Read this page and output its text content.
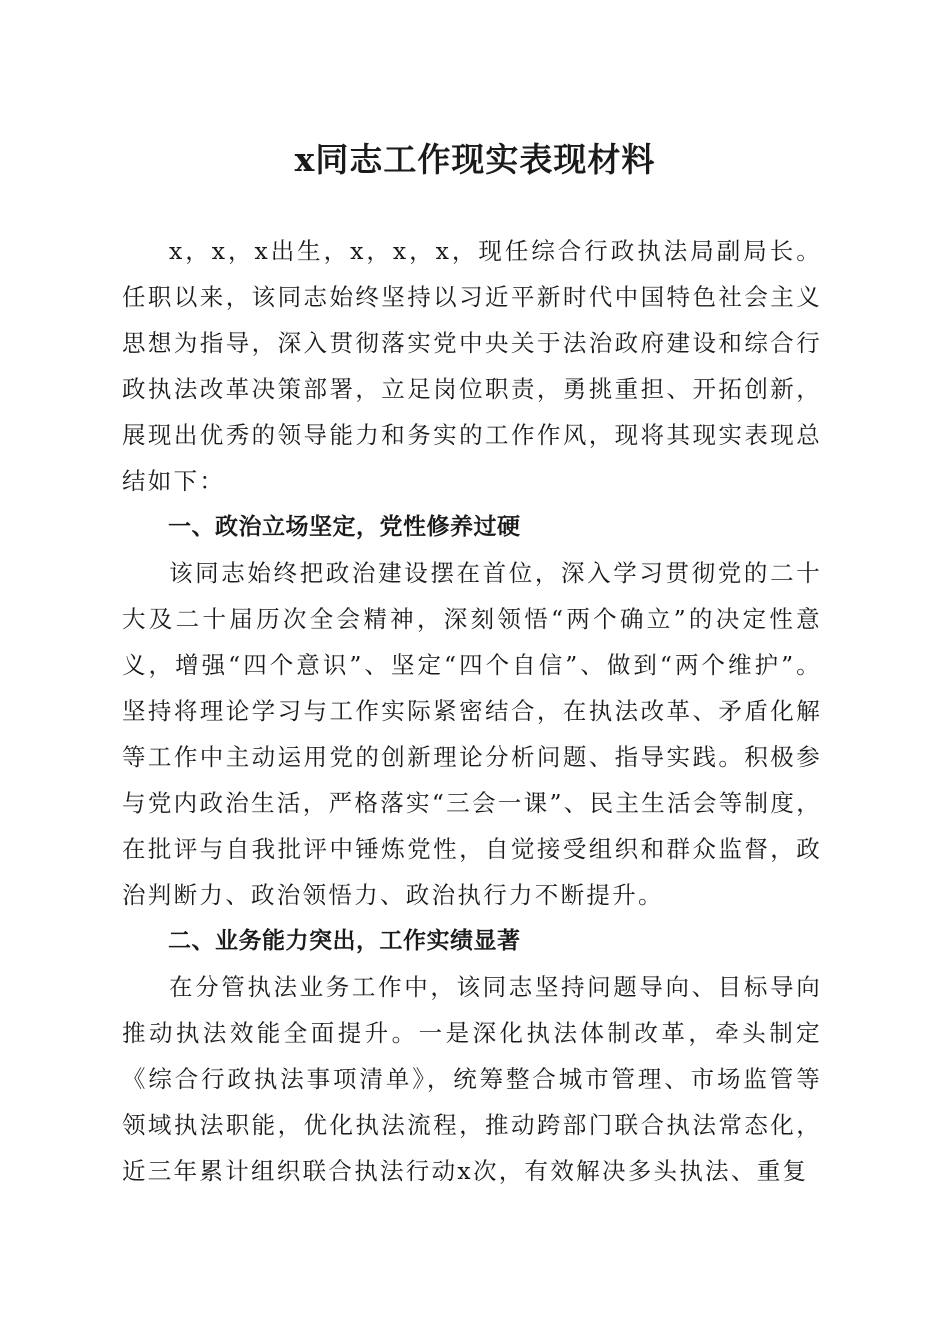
x同志工作现实表现材料

x，x，x出生，x，x，x，现任综合行政执法局副局长。任职以来，该同志始终坚持以习近平新时代中国特色社会主义思想为指导，深入贯彻落实党中央关于法治政府建设和综合行政执法改革决策部署，立足岗位职责，勇挑重担、开拓创新，展现出优秀的领导能力和务实的工作作风，现将其现实表现总结如下：

一、政治立场坚定，党性修养过硬

该同志始终把政治建设摆在首位，深入学习贯彻党的二十大及二十届历次全会精神，深刻领悟“两个确立”的决定性意义，增强“四个意识”、坚定“四个自信”、做到“两个维护”。坚持将理论学习与工作实际紧密结合，在执法改革、矛盾化解等工作中主动运用党的创新理论分析问题、指导实践。积极参与党内政治生活，严格落实“三会一课”、民主生活会等制度，在批评与自我批评中锤炼党性，自觉接受组织和群众监督，政治判断力、政治领悟力、政治执行力不断提升。

二、业务能力突出，工作实绩显著

在分管执法业务工作中，该同志坚持问题导向、目标导向推动执法效能全面提升。一是深化执法体制改革，牵头制定《综合行政执法事项清单》，统筹整合城市管理、市场监管等领域执法职能，优化执法流程，推动跨部门联合执法常态化，近三年累计组织联合执法行动x次，有效解决多头执法、重复
